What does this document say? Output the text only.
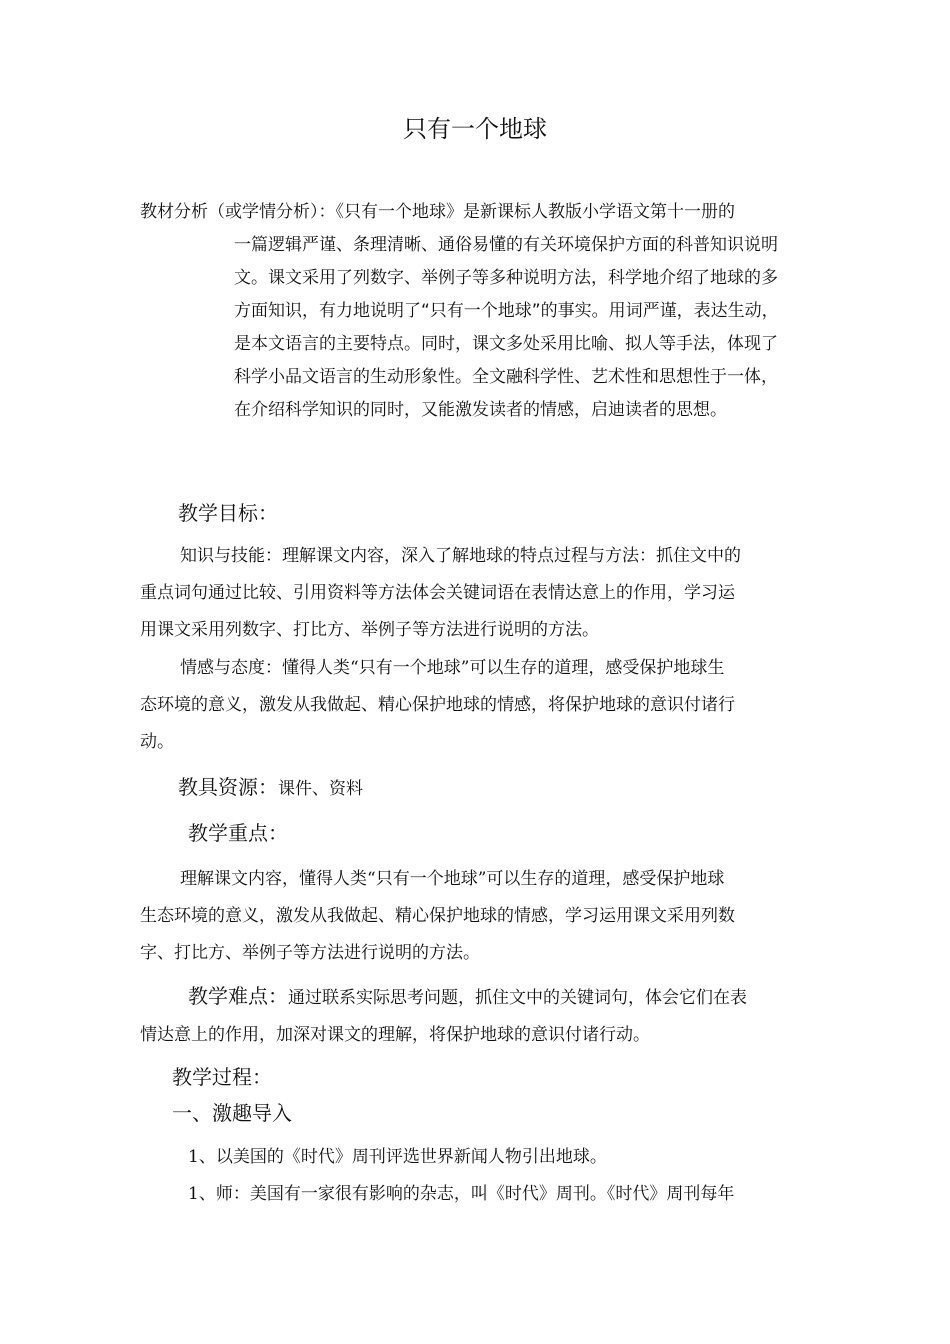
只有一个地球
教材分析（或学情分析）：《只有一个地球》是新课标人教版小学语文第十一册的
一篇逻辑严谨、条理清晰、通俗易懂的有关环境保护方面的科普知识说明
文。课文采用了列数字、举例子等多种说明方法，科学地介绍了地球的多
方面知识，有力地说明了“只有一个地球”的事实。用词严谨，表达生动，
是本文语言的主要特点。同时，课文多处采用比喻、拟人等手法，体现了
科学小品文语言的生动形象性。全文融科学性、艺术性和思想性于一体，
在介绍科学知识的同时，又能激发读者的情感，启迪读者的思想。
教学目标：
知识与技能：理解课文内容，深入了解地球的特点过程与方法：抓住文中的
重点词句通过比较、引用资料等方法体会关键词语在表情达意上的作用，学习运
用课文采用列数字、打比方、举例子等方法进行说明的方法。
情感与态度：懂得人类“只有一个地球”可以生存的道理，感受保护地球生
态环境的意义，激发从我做起、精心保护地球的情感，将保护地球的意识付诸行
动。
教具资源：课件、资料
教学重点：
理解课文内容，懂得人类“只有一个地球”可以生存的道理，感受保护地球
生态环境的意义，激发从我做起、精心保护地球的情感，学习运用课文采用列数
字、打比方、举例子等方法进行说明的方法。
教学难点：通过联系实际思考问题，抓住文中的关键词句，体会它们在表
情达意上的作用，加深对课文的理解，将保护地球的意识付诸行动。
教学过程：
一、激趣导入
1、以美国的《时代》周刊评选世界新闻人物引出地球。
1、师：美国有一家很有影响的杂志，叫《时代》周刊。《时代》周刊每年
